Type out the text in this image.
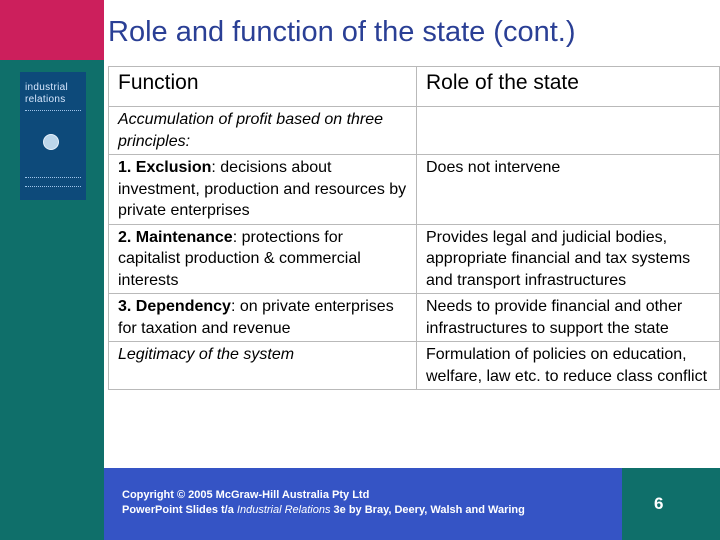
industrial relations
Role and function of the state (cont.)
Function	Role of the state
Accumulation of profit based on three principles:	
1. Exclusion: decisions about investment, production and resources by private enterprises	Does not intervene
2. Maintenance: protections for capitalist production & commercial interests	Provides legal and judicial bodies, appropriate financial and tax systems and transport infrastructures
3. Dependency: on private enterprises for taxation and revenue	Needs to provide financial and other infrastructures to support the state
Legitimacy of the system	Formulation of policies on education, welfare, law etc. to reduce class conflict
Copyright © 2005 McGraw-Hill Australia Pty Ltd
PowerPoint Slides t/a Industrial Relations 3e by Bray, Deery, Walsh and Waring	6
